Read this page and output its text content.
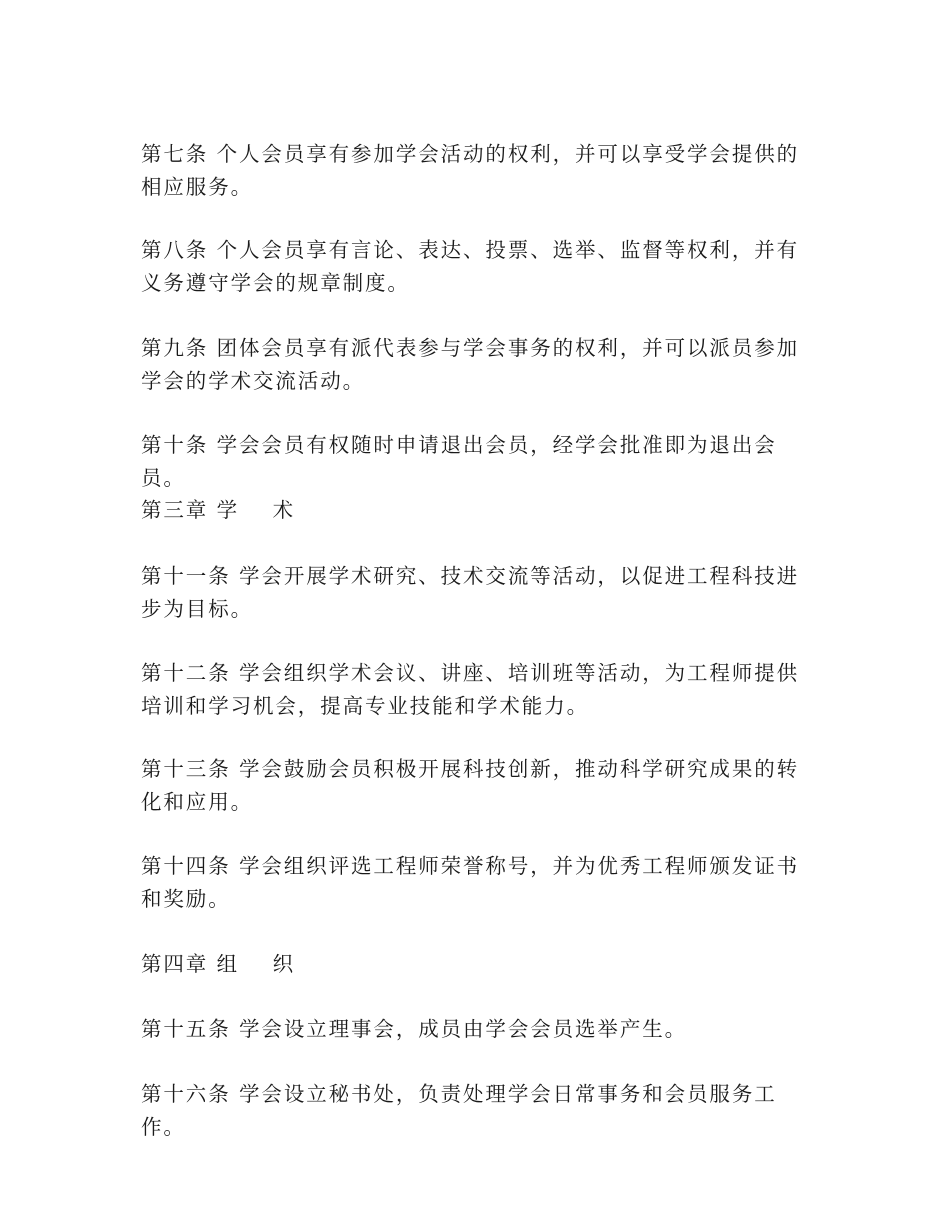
第七条 个人会员享有参加学会活动的权利，并可以享受学会提供的相应服务。

第八条 个人会员享有言论、表达、投票、选举、监督等权利，并有义务遵守学会的规章制度。

第九条 团体会员享有派代表参与学会事务的权利，并可以派员参加学会的学术交流活动。

第十条 学会会员有权随时申请退出会员，经学会批准即为退出会员。

第三章 学    术

第十一条 学会开展学术研究、技术交流等活动，以促进工程科技进步为目标。

第十二条 学会组织学术会议、讲座、培训班等活动，为工程师提供培训和学习机会，提高专业技能和学术能力。

第十三条 学会鼓励会员积极开展科技创新，推动科学研究成果的转化和应用。

第十四条 学会组织评选工程师荣誉称号，并为优秀工程师颁发证书和奖励。

第四章 组    织

第十五条 学会设立理事会，成员由学会会员选举产生。

第十六条 学会设立秘书处，负责处理学会日常事务和会员服务工作。
